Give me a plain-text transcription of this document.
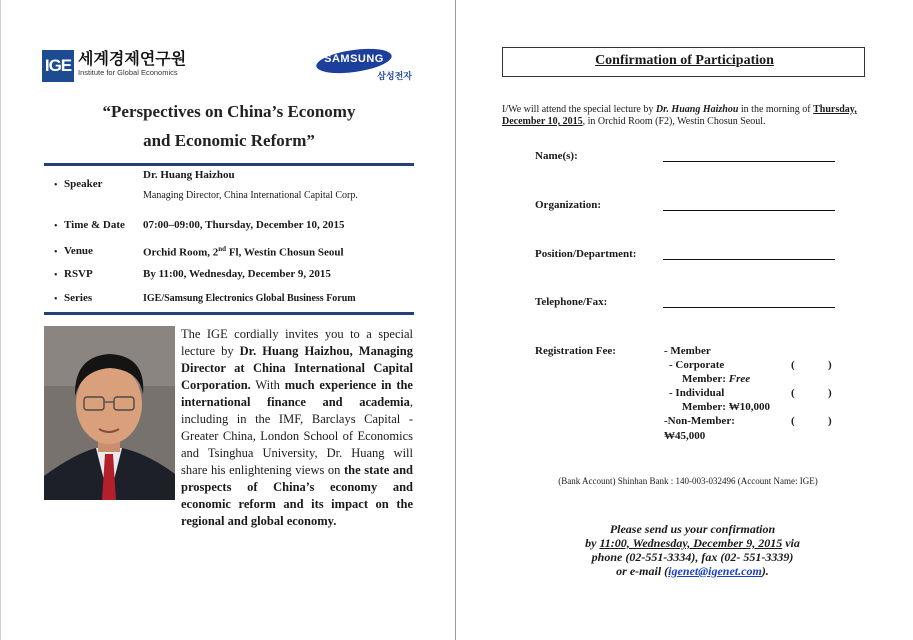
IGE 세계경제연구원
Institute for Global Economics
SAMSUNG
삼성전자
“Perspectives on China’s Economy
and Economic Reform”
• Speaker
Dr. Huang Haizhou
Managing Director, China International Capital Corp.
• Time & Date 07:00–09:00, Thursday, December 10, 2015
• Venue	Orchid Room, 2nd Fl, Westin Chosun Seoul
• RSVP	By 11:00, Wednesday, December 9, 2015
• Series	IGE/Samsung Electronics Global Business Forum
The IGE cordially invites you to a special lecture by Dr. Huang Haizhou, Managing Director at China International Capital Corporation. With much experience in the international finance and academia, including in the IMF, Barclays Capital - Greater China, London School of Economics and Tsinghua University, Dr. Huang will share his enlightening views on the state and prospects of China’s economy and economic reform and its impact on the regional and global economy.
Confirmation of Participation
I/We will attend the special lecture by Dr. Huang Haizhou in the morning of Thursday, December 10, 2015, in Orchid Room (F2), Westin Chosun Seoul.
Name(s):
Organization:
Position/Department:
Telephone/Fax:
Registration Fee:	- Member
- Corporate
Member: Free
(	)
- Individual
Member: ₩10,000
(	)
-Non-Member:
₩45,000
(	)
(Bank Account) Shinhan Bank : 140-003-032496 (Account Name: IGE)
Please send us your confirmation
by 11:00, Wednesday, December 9, 2015 via
phone (02-551-3334), fax (02- 551-3339)
or e-mail (igenet@igenet.com).
